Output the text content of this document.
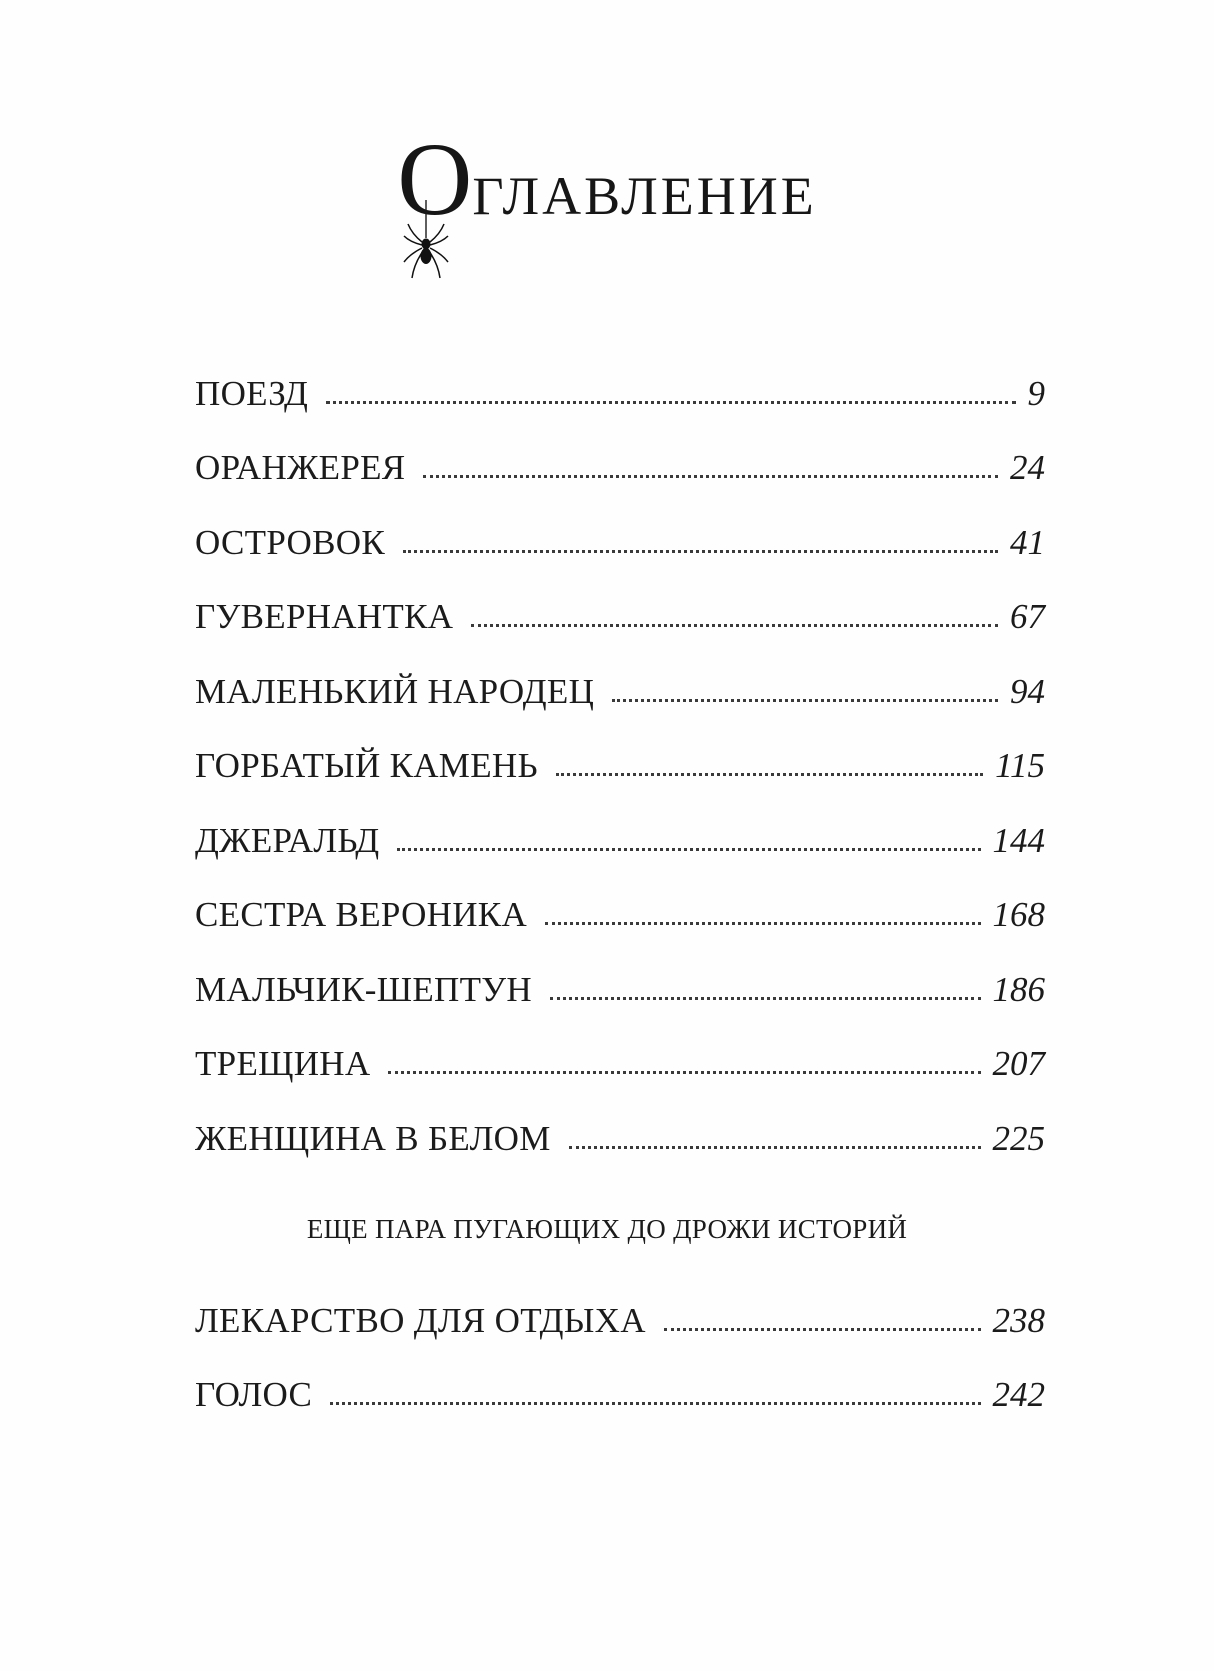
ОГЛАВЛЕНИЕ
ПОЕЗД	9
ОРАНЖЕРЕЯ	24
ОСТРОВОК	41
ГУВЕРНАНТКА	67
МАЛЕНЬКИЙ НАРОДЕЦ	94
ГОРБАТЫЙ КАМЕНЬ	115
ДЖЕРАЛЬД	144
СЕСТРА ВЕРОНИКА	168
МАЛЬЧИК-ШЕПТУН	186
ТРЕЩИНА	207
ЖЕНЩИНА В БЕЛОМ	225
ЛЕКАРСТВО ДЛЯ ОТДЫХА	238
ГОЛОС	242
ЕЩЕ ПАРА ПУГАЮЩИХ ДО ДРОЖИ ИСТОРИЙ
